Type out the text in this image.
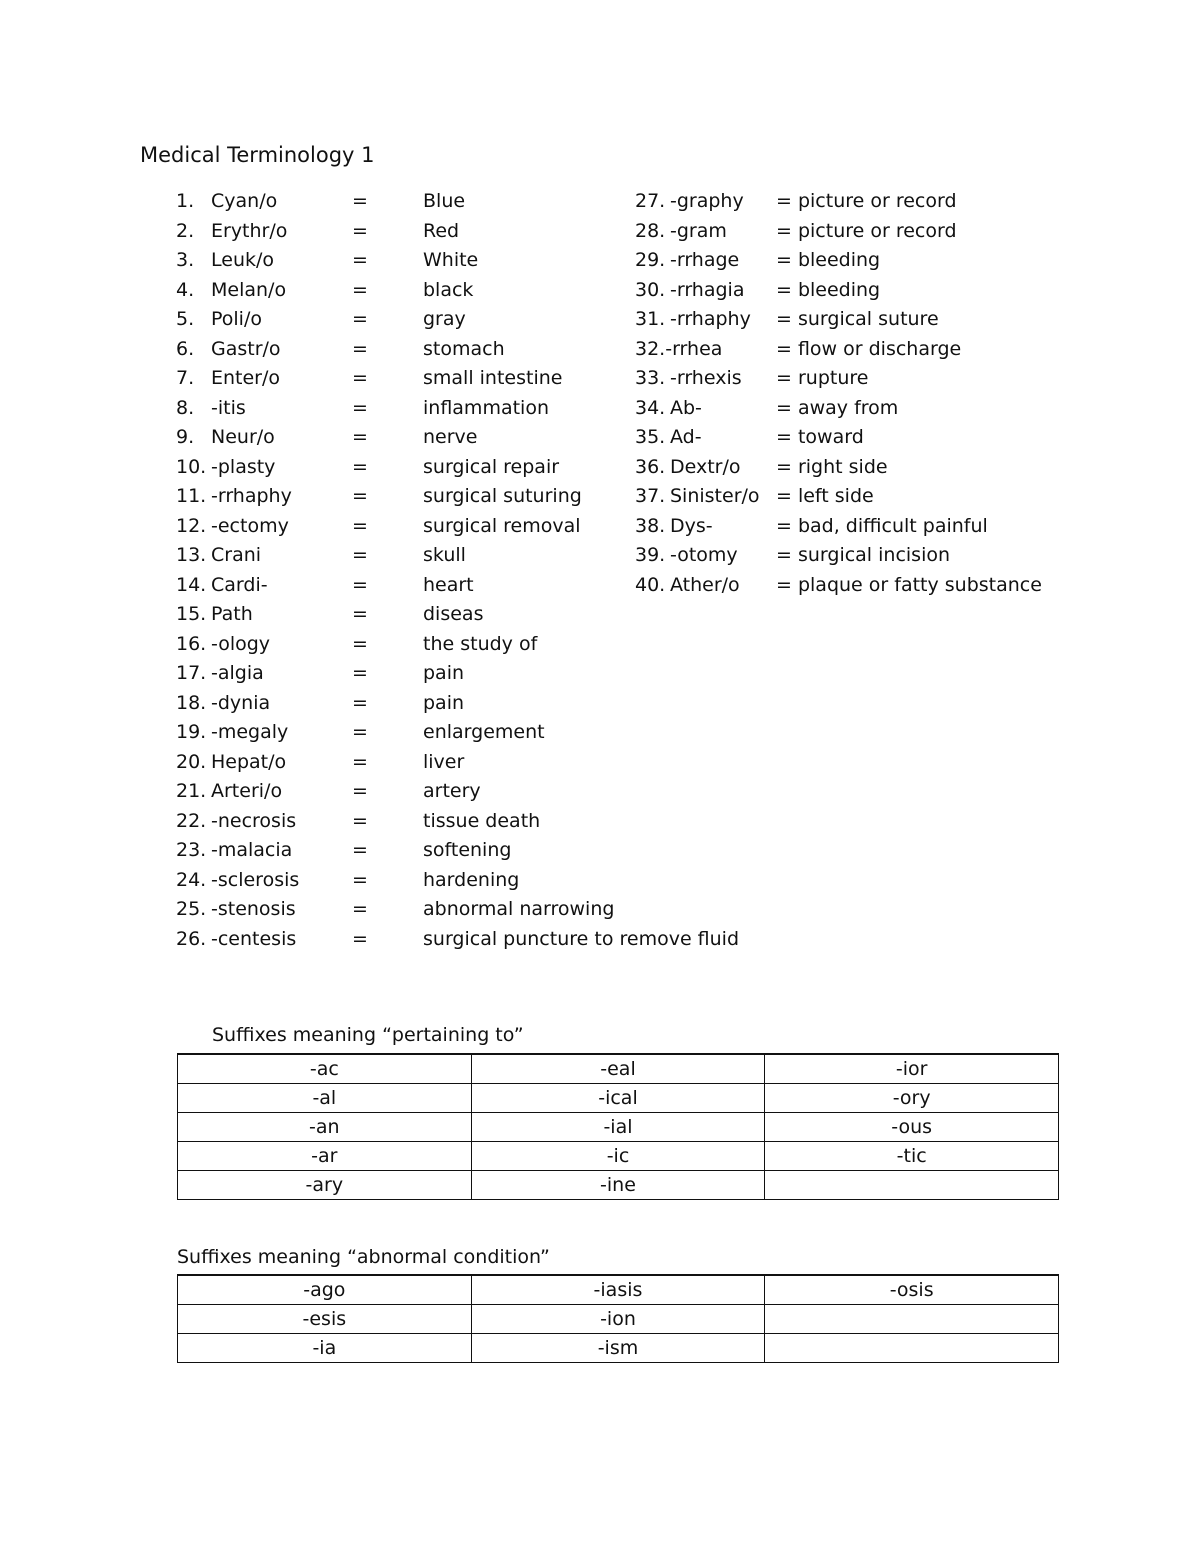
Medical Terminology 1
1. Cyan/o	=	Blue
2. Erythr/o	=	Red
3. Leuk/o	=	White
4. Melan/o	=	black
5. Poli/o	=	gray
6. Gastr/o	=	stomach
7. Enter/o	=	small intestine
8. -itis	=	inflammation
9. Neur/o	=	nerve
10. -plasty	=	surgical repair
11. -rrhaphy	=	surgical suturing
12. -ectomy	=	surgical removal
13. Crani	=	skull
14. Cardi-	=	heart
15. Path	=	diseas
16. -ology	=	the study of
17. -algia	=	pain
18. -dynia	=	pain
19. -megaly	=	enlargement
20. Hepat/o	=	liver
21. Arteri/o	=	artery
22. -necrosis	=	tissue death
23. -malacia	=	softening
24. -sclerosis	=	hardening
25. -stenosis	=	abnormal narrowing
26. -centesis	=	surgical puncture to remove fluid
27. -graphy = picture or record
28. -gram	= picture or record
29. -rrhage = bleeding
30. -rrhagia = bleeding
31. -rrhaphy = surgical suture
32.-rrhea	= flow or discharge
33. -rrhexis = rupture
34. Ab-	= away from
35. Ad-	= toward
36. Dextr/o = right side
37. Sinister/o = left side
38. Dys-	= bad, difficult painful
39. -otomy = surgical incision
40. Ather/o = plaque or fatty substance
Suffixes meaning “pertaining to”
-ac	-eal	-ior
-al	-ical	-ory
-an	-ial	-ous
-ar	-ic	-tic
-ary	-ine	
Suffixes meaning “abnormal condition”
-ago	-iasis	-osis
-esis	-ion	
-ia	-ism	
